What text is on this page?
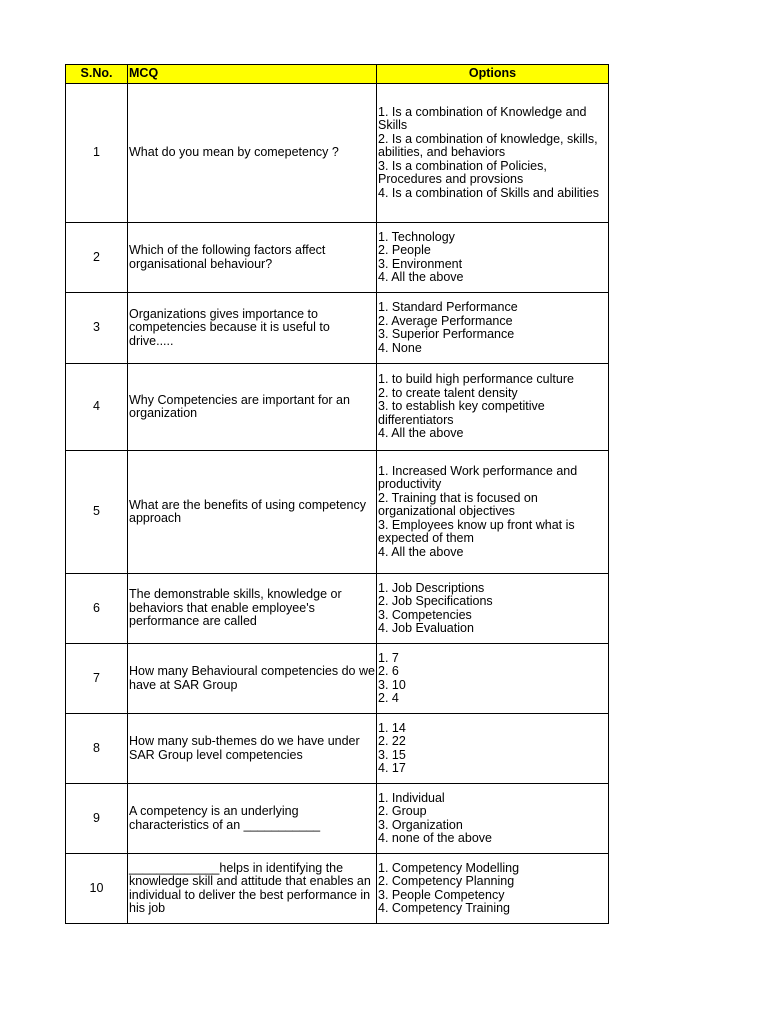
S.No.	MCQ	Options
1	What do you mean by comepetency ?	1. Is a combination of Knowledge and Skills
2. Is a combination of knowledge, skills, abilities, and behaviors
3. Is a combination of Policies, Procedures and provsions
4. Is a combination of Skills and abilities

2	Which of the following factors affect organisational behaviour?	1. Technology
2. People
3. Environment
4. All the above

3	Organizations gives importance to competencies because it is useful to drive.....	1. Standard Performance
2. Average Performance
3. Superior Performance
4. None

4	Why Competencies are important for an organization	1. to build high performance culture
2. to create talent density
3. to establish key competitive differentiators
4. All the above

5	What are the benefits of using competency approach	1. Increased Work performance and productivity
2. Training that is focused on organizational objectives
3. Employees know up front what is expected of them
4. All the above

6	The demonstrable skills, knowledge or behaviors that enable employee's performance are called	1. Job Descriptions
2. Job Specifications
3. Competencies
4. Job Evaluation

7	How many Behavioural competencies do we have at SAR Group	1. 7
2. 6
3. 10
2. 4

8	How many sub-themes do we have under SAR Group level competencies	1. 14
2. 22
3. 15
4. 17

9	A competency is an underlying characteristics of an ___________	1. Individual
2. Group
3. Organization
4. none of the above

10	_____________helps in identifying the knowledge skill and attitude that enables an individual to deliver the best performance in his job	1. Competency Modelling
2. Competency Planning
3. People Competency
4. Competency Training
